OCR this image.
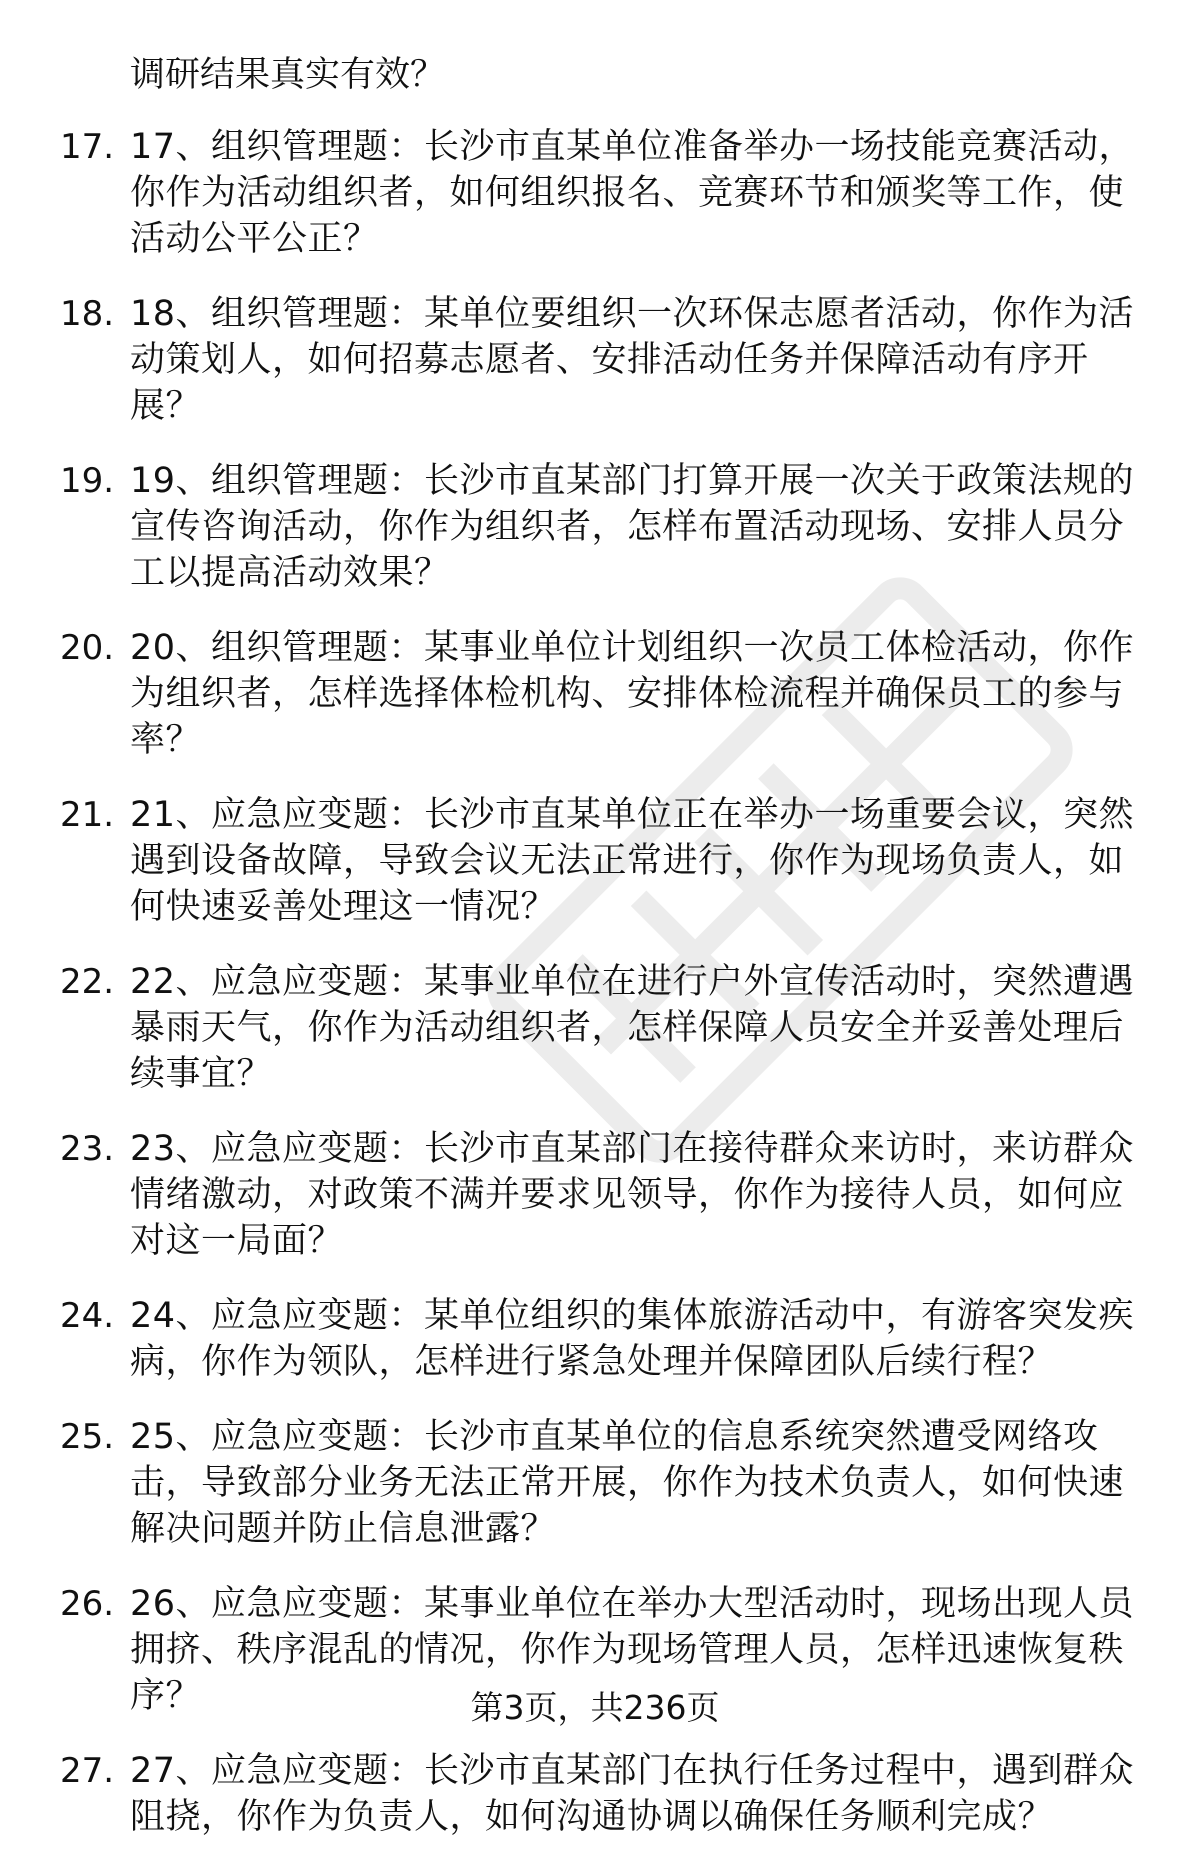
调研结果真实有效？
17. 17、组织管理题：长沙市直某单位准备举办一场技能竞赛活动，你作为活动组织者，如何组织报名、竞赛环节和颁奖等工作，使活动公平公正？
18. 18、组织管理题：某单位要组织一次环保志愿者活动，你作为活动策划人，如何招募志愿者、安排活动任务并保障活动有序开展？
19. 19、组织管理题：长沙市直某部门打算开展一次关于政策法规的宣传咨询活动，你作为组织者，怎样布置活动现场、安排人员分工以提高活动效果？
20. 20、组织管理题：某事业单位计划组织一次员工体检活动，你作为组织者，怎样选择体检机构、安排体检流程并确保员工的参与率？
21. 21、应急应变题：长沙市直某单位正在举办一场重要会议，突然遇到设备故障，导致会议无法正常进行，你作为现场负责人，如何快速妥善处理这一情况？
22. 22、应急应变题：某事业单位在进行户外宣传活动时，突然遭遇暴雨天气，你作为活动组织者，怎样保障人员安全并妥善处理后续事宜？
23. 23、应急应变题：长沙市直某部门在接待群众来访时，来访群众情绪激动，对政策不满并要求见领导，你作为接待人员，如何应对这一局面？
24. 24、应急应变题：某单位组织的集体旅游活动中，有游客突发疾病，你作为领队，怎样进行紧急处理并保障团队后续行程？
25. 25、应急应变题：长沙市直某单位的信息系统突然遭受网络攻击，导致部分业务无法正常开展，你作为技术负责人，如何快速解决问题并防止信息泄露？
26. 26、应急应变题：某事业单位在举办大型活动时，现场出现人员拥挤、秩序混乱的情况，你作为现场管理人员，怎样迅速恢复秩序？
27. 27、应急应变题：长沙市直某部门在执行任务过程中，遇到群众阻挠，你作为负责人，如何沟通协调以确保任务顺利完成？
第3页，共236页
